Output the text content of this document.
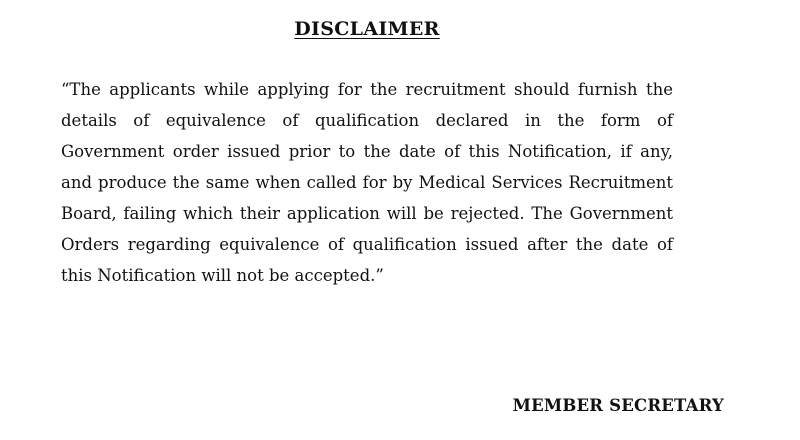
DISCLAIMER

“The applicants while applying for the recruitment should furnish the details of equivalence of qualification declared in the form of Government order issued prior to the date of this Notification, if any, and produce the same when called for by Medical Services Recruitment Board, failing which their application will be rejected. The Government Orders regarding equivalence of qualification issued after the date of this Notification will not be accepted.”

MEMBER SECRETARY
